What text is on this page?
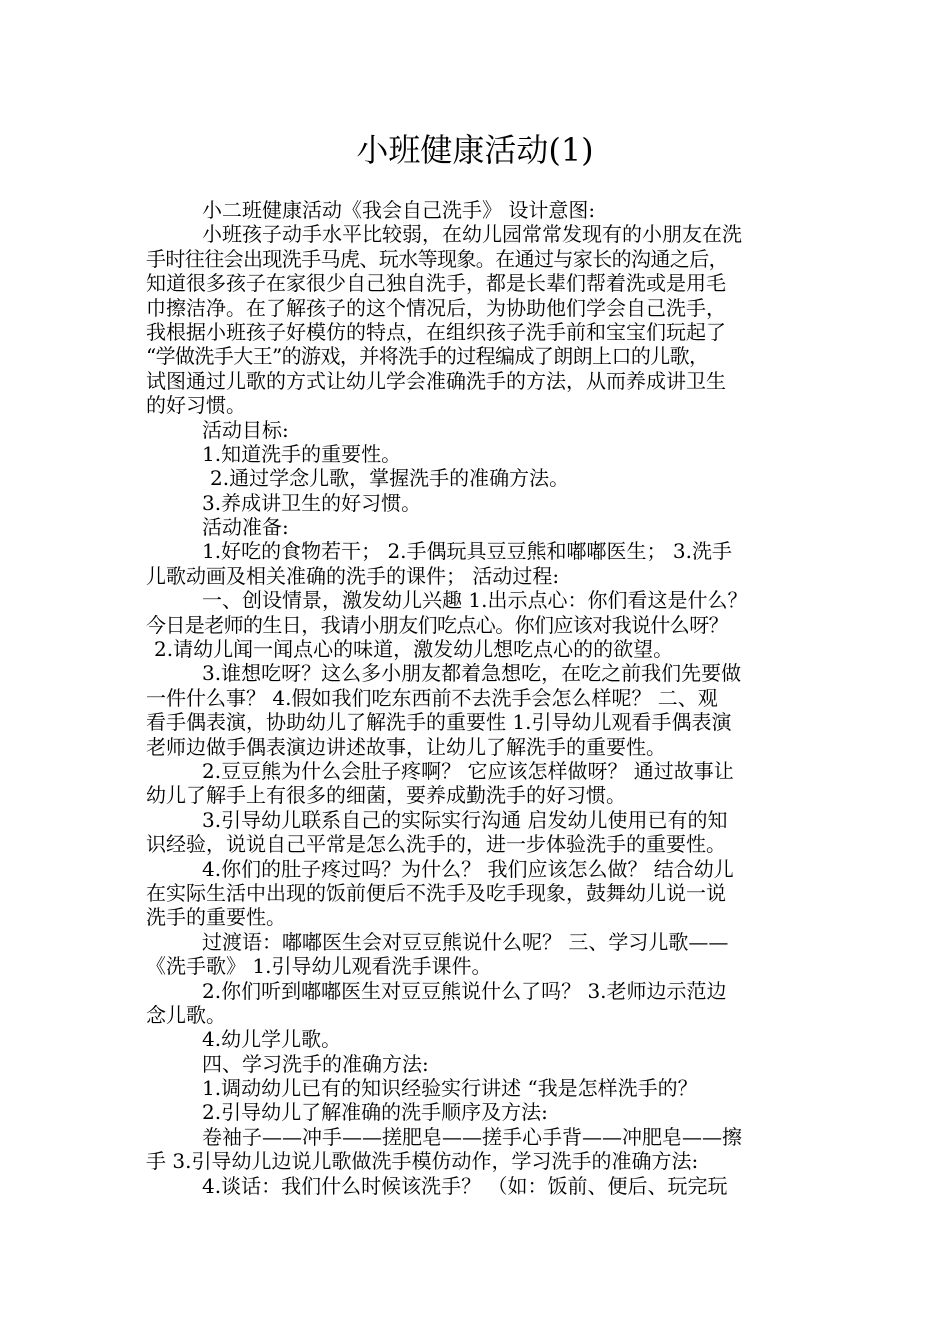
小班健康活动(1)
小二班健康活动《我会自己洗手》 设计意图:
小班孩子动手水平比较弱，在幼儿园常常发现有的小朋友在洗
手时往往会出现洗手马虎、玩水等现象。在通过与家长的沟通之后，
知道很多孩子在家很少自己独自洗手，都是长辈们帮着洗或是用毛
巾擦洁净。在了解孩子的这个情况后，为协助他们学会自己洗手，
我根据小班孩子好模仿的特点，在组织孩子洗手前和宝宝们玩起了
“学做洗手大王”的游戏，并将洗手的过程编成了朗朗上口的儿歌，
试图通过儿歌的方式让幼儿学会准确洗手的方法，从而养成讲卫生
的好习惯。
活动目标:
1.知道洗手的重要性。
2.通过学念儿歌，掌握洗手的准确方法。
3.养成讲卫生的好习惯。
活动准备:
1.好吃的食物若干； 2.手偶玩具豆豆熊和嘟嘟医生； 3.洗手
儿歌动画及相关准确的洗手的课件； 活动过程:
一、创设情景，激发幼儿兴趣 1.出示点心：你们看这是什么？
今日是老师的生日，我请小朋友们吃点心。你们应该对我说什么呀？
2.请幼儿闻一闻点心的味道，激发幼儿想吃点心的的欲望。
3.谁想吃呀？这么多小朋友都着急想吃，在吃之前我们先要做
一件什么事？ 4.假如我们吃东西前不去洗手会怎么样呢？ 二、观
看手偶表演，协助幼儿了解洗手的重要性 1.引导幼儿观看手偶表演
老师边做手偶表演边讲述故事，让幼儿了解洗手的重要性。
2.豆豆熊为什么会肚子疼啊？ 它应该怎样做呀？ 通过故事让
幼儿了解手上有很多的细菌，要养成勤洗手的好习惯。
3.引导幼儿联系自己的实际实行沟通 启发幼儿使用已有的知
识经验，说说自己平常是怎么洗手的，进一步体验洗手的重要性。
4.你们的肚子疼过吗？为什么？ 我们应该怎么做？ 结合幼儿
在实际生活中出现的饭前便后不洗手及吃手现象，鼓舞幼儿说一说
洗手的重要性。
过渡语：嘟嘟医生会对豆豆熊说什么呢？ 三、学习儿歌——
《洗手歌》 1.引导幼儿观看洗手课件。
2.你们听到嘟嘟医生对豆豆熊说什么了吗？ 3.老师边示范边
念儿歌。
4.幼儿学儿歌。
四、学习洗手的准确方法:
1.调动幼儿已有的知识经验实行讲述 “我是怎样洗手的？
2.引导幼儿了解准确的洗手顺序及方法:
卷袖子——冲手——搓肥皂——搓手心手背——冲肥皂——擦
手 3.引导幼儿边说儿歌做洗手模仿动作，学习洗手的准确方法:
4.谈话：我们什么时候该洗手？ （如：饭前、便后、玩完玩
